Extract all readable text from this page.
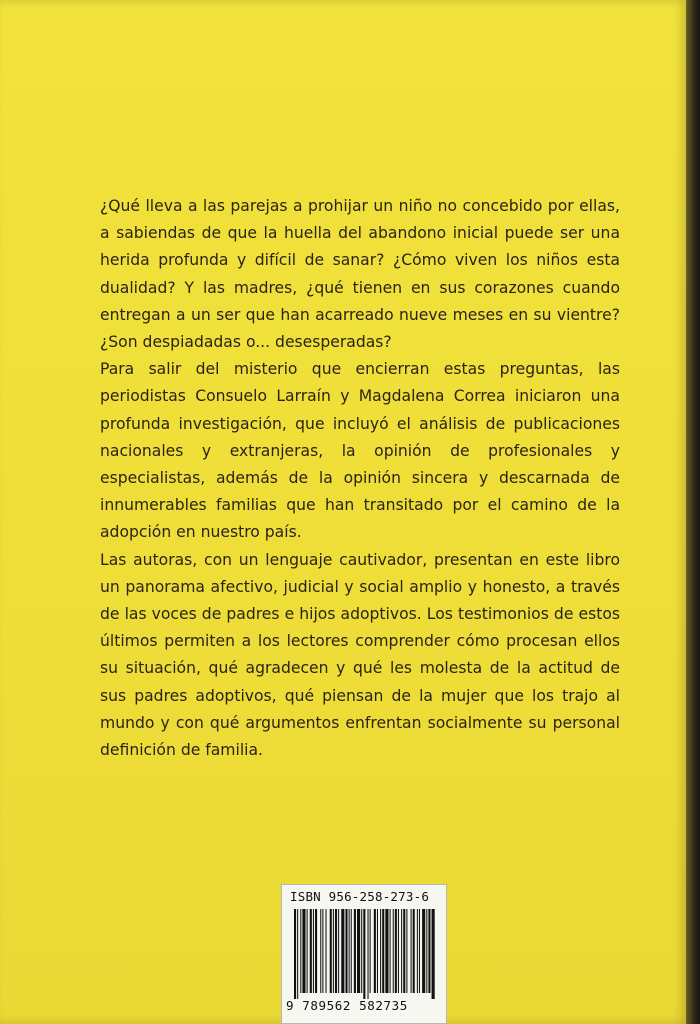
¿Qué lleva a las parejas a prohijar un niño no concebido por ellas, a sabiendas de que la huella del abandono inicial puede ser una herida profunda y difícil de sanar? ¿Cómo viven los niños esta dualidad? Y las madres, ¿qué tienen en sus corazones cuando entregan a un ser que han acarreado nueve meses en su vientre? ¿Son despiadadas o... desesperadas?

Para salir del misterio que encierran estas preguntas, las periodistas Consuelo Larraín y Magdalena Correa iniciaron una profunda investigación, que incluyó el análisis de publicaciones nacionales y extranjeras, la opinión de profesionales y especialistas, además de la opinión sincera y descarnada de innumerables familias que han transitado por el camino de la adopción en nuestro país.

Las autoras, con un lenguaje cautivador, presentan en este libro un panorama afectivo, judicial y social amplio y honesto, a través de las voces de padres e hijos adoptivos. Los testimonios de estos últimos permiten a los lectores comprender cómo procesan ellos su situación, qué agradecen y qué les molesta de la actitud de sus padres adoptivos, qué piensan de la mujer que los trajo al mundo y con qué argumentos enfrentan socialmente su personal definición de familia.

ISBN 956-258-273-6
9 789562 582735
